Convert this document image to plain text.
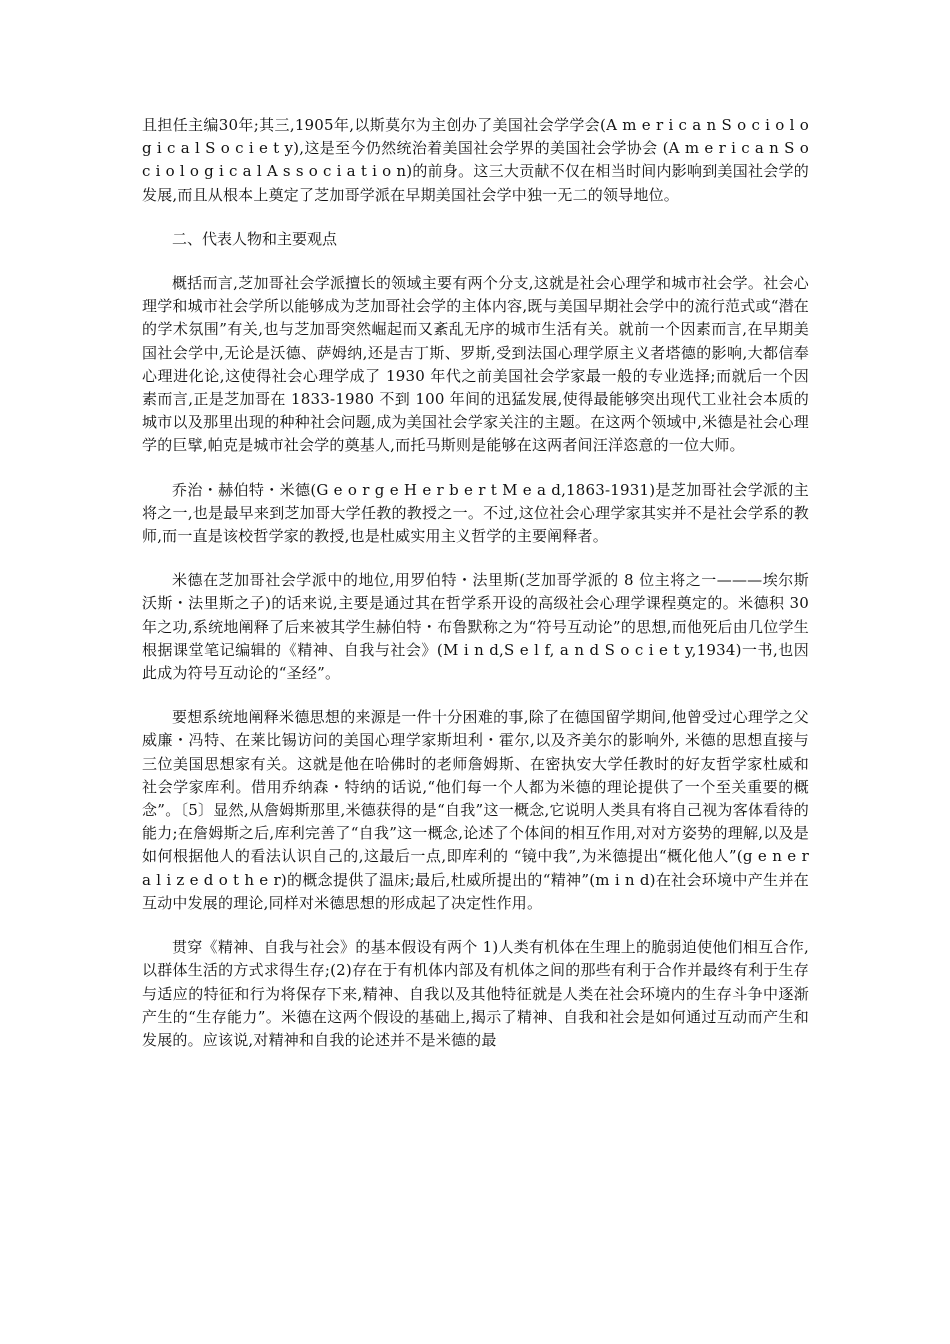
且担任主编30年;其三,1905年,以斯莫尔为主创办了美国社会学学会(A m e r i c a n S o c i o l o g i c a l S o c i e t y),这是至今仍然统治着美国社会学界的美国社会学协会 (A m e r i c a n S o c i o l o g i c a l A s s o c i a t i o n)的前身。这三大贡献不仅在相当时间内影响到美国社会学的发展,而且从根本上奠定了芝加哥学派在早期美国社会学中独一无二的领导地位。

二、代表人物和主要观点

概括而言,芝加哥社会学派擅长的领域主要有两个分支,这就是社会心理学和城市社会学。社会心理学和城市社会学所以能够成为芝加哥社会学的主体内容,既与美国早期社会学中的流行范式或“潜在的学术氛围”有关,也与芝加哥突然崛起而又紊乱无序的城市生活有关。就前一个因素而言,在早期美国社会学中,无论是沃德、萨姆纳,还是吉丁斯、罗斯,受到法国心理学原主义者塔德的影响,大都信奉心理进化论,这使得社会心理学成了 1930 年代之前美国社会学家最一般的专业选择;而就后一个因素而言,正是芝加哥在 1833-1980 不到 100 年间的迅猛发展,使得最能够突出现代工业社会本质的城市以及那里出现的种种社会问题,成为美国社会学家关注的主题。在这两个领域中,米德是社会心理学的巨擘,帕克是城市社会学的奠基人,而托马斯则是能够在这两者间汪洋恣意的一位大师。

乔治・赫伯特・米德(G e o r g e H e r b e r t M e a d,1863-1931)是芝加哥社会学派的主将之一,也是最早来到芝加哥大学任教的教授之一。不过,这位社会心理学家其实并不是社会学系的教师,而一直是该校哲学家的教授,也是杜威实用主义哲学的主要阐释者。

米德在芝加哥社会学派中的地位,用罗伯特・法里斯(芝加哥学派的 8 位主将之一———埃尔斯沃斯・法里斯之子)的话来说,主要是通过其在哲学系开设的高级社会心理学课程奠定的。米德积 30 年之功,系统地阐释了后来被其学生赫伯特・布鲁默称之为“符号互动论”的思想,而他死后由几位学生根据课堂笔记编辑的《精神、自我与社会》(M i n d,S e l f, a n d S o c i e t y,1934)一书,也因此成为符号互动论的“圣经”。

要想系统地阐释米德思想的来源是一件十分困难的事,除了在德国留学期间,他曾受过心理学之父威廉・冯特、在莱比锡访问的美国心理学家斯坦利・霍尔,以及齐美尔的影响外, 米德的思想直接与三位美国思想家有关。这就是他在哈佛时的老师詹姆斯、在密执安大学任教时的好友哲学家杜威和社会学家库利。借用乔纳森・特纳的话说,“他们每一个人都为米德的理论提供了一个至关重要的概念”。〔5〕显然,从詹姆斯那里,米德获得的是“自我”这一概念,它说明人类具有将自己视为客体看待的能力;在詹姆斯之后,库利完善了“自我”这一概念,论述了个体间的相互作用,对对方姿势的理解,以及是如何根据他人的看法认识自己的,这最后一点,即库利的 “镜中我”,为米德提出“概化他人”(g e n e r a l i z e d o t h e r)的概念提供了温床;最后,杜威所提出的“精神”(m i n d)在社会环境中产生并在互动中发展的理论,同样对米德思想的形成起了决定性作用。

贯穿《精神、自我与社会》的基本假设有两个 1)人类有机体在生理上的脆弱迫使他们相互合作,以群体生活的方式求得生存;(2)存在于有机体内部及有机体之间的那些有利于合作并最终有利于生存与适应的特征和行为将保存下来,精神、自我以及其他特征就是人类在社会环境内的生存斗争中逐渐产生的“生存能力”。米德在这两个假设的基础上,揭示了精神、自我和社会是如何通过互动而产生和发展的。应该说,对精神和自我的论述并不是米德的最
